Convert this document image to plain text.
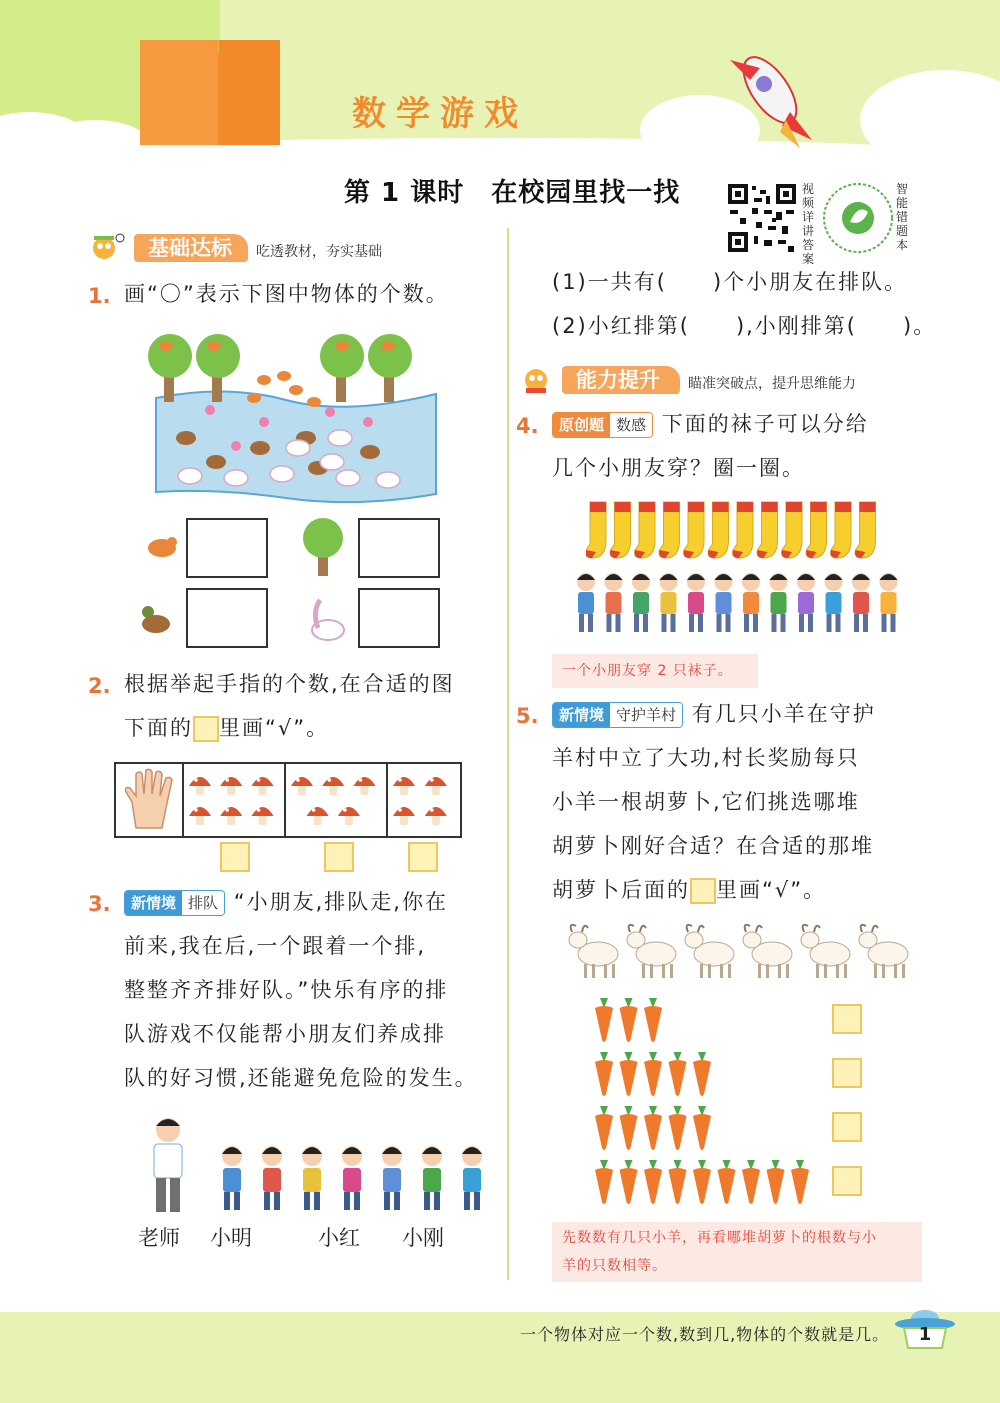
数学游戏
第 1 课时　在校园里找一找	视频详讲答案
智能错题本
基础达标	吃透教材，夯实基础
1. 画“〇”表示下图中物体的个数。
2. 根据举起手指的个数,在合适的图
下面的 里画“√”。
3.	新情境 排队 “小朋友,排队走,你在
前来,我在后,一个跟着一个排,
整整齐齐排好队。”快乐有序的排
队游戏不仅能帮小朋友们养成排
队的好习惯,还能避免危险的发生。
老师 小明	小红 小刚
(1)一共有(　　)个小朋友在排队。
(2)小红排第(　　),小刚排第(　　)。
能力提升	瞄准突破点，提升思维能力
4.	原创题 数感 下面的袜子可以分给
几个小朋友穿？圈一圈。
一个小朋友穿 2 只袜子。
5.	新情境 守护羊村 有几只小羊在守护
羊村中立了大功,村长奖励每只
小羊一根胡萝卜,它们挑选哪堆
胡萝卜刚好合适？在合适的那堆
胡萝卜后面的 里画“√”。
先数数有几只小羊，再看哪堆胡萝卜的根数与小
羊的只数相等。
一个物体对应一个数,数到几,物体的个数就是几。	1
